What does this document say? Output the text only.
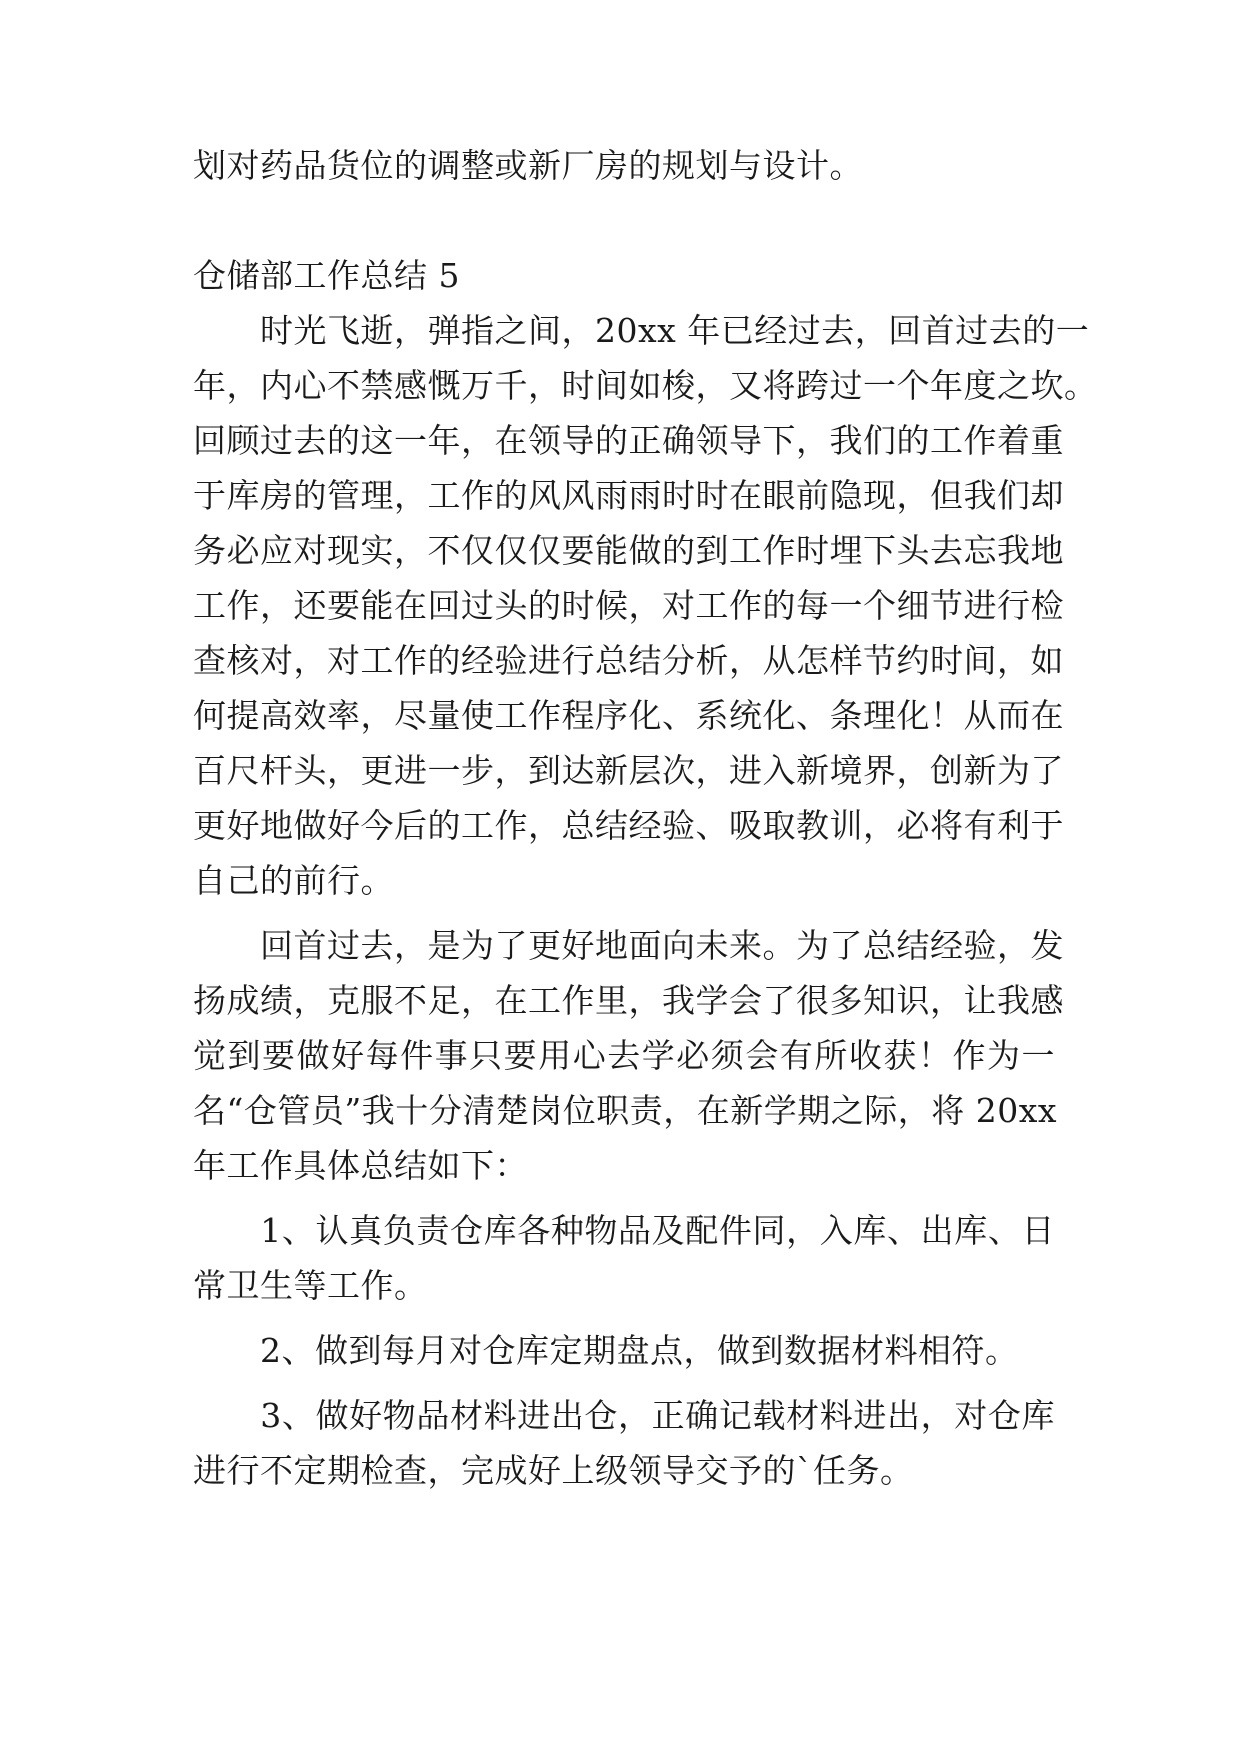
划对药品货位的调整或新厂房的规划与设计。
仓储部工作总结 5
　　时光飞逝，弹指之间，20xx 年已经过去，回首过去的一
年，内心不禁感慨万千，时间如梭，又将跨过一个年度之坎。
回顾过去的这一年，在领导的正确领导下，我们的工作着重
于库房的管理，工作的风风雨雨时时在眼前隐现，但我们却
务必应对现实，不仅仅仅要能做的到工作时埋下头去忘我地
工作，还要能在回过头的时候，对工作的每一个细节进行检
查核对，对工作的经验进行总结分析，从怎样节约时间，如
何提高效率，尽量使工作程序化、系统化、条理化！从而在
百尺杆头，更进一步，到达新层次，进入新境界，创新为了
更好地做好今后的工作，总结经验、吸取教训，必将有利于
自己的前行。
　　回首过去，是为了更好地面向未来。为了总结经验，发
扬成绩，克服不足，在工作里，我学会了很多知识，让我感
觉到要做好每件事只要用心去学必须会有所收获！作为一
名“仓管员”我十分清楚岗位职责，在新学期之际，将 20xx
年工作具体总结如下：
　　1、认真负责仓库各种物品及配件同，入库、出库、日
常卫生等工作。
　　2、做到每月对仓库定期盘点，做到数据材料相符。
　　3、做好物品材料进出仓，正确记载材料进出，对仓库
进行不定期检查，完成好上级领导交予的`任务。
